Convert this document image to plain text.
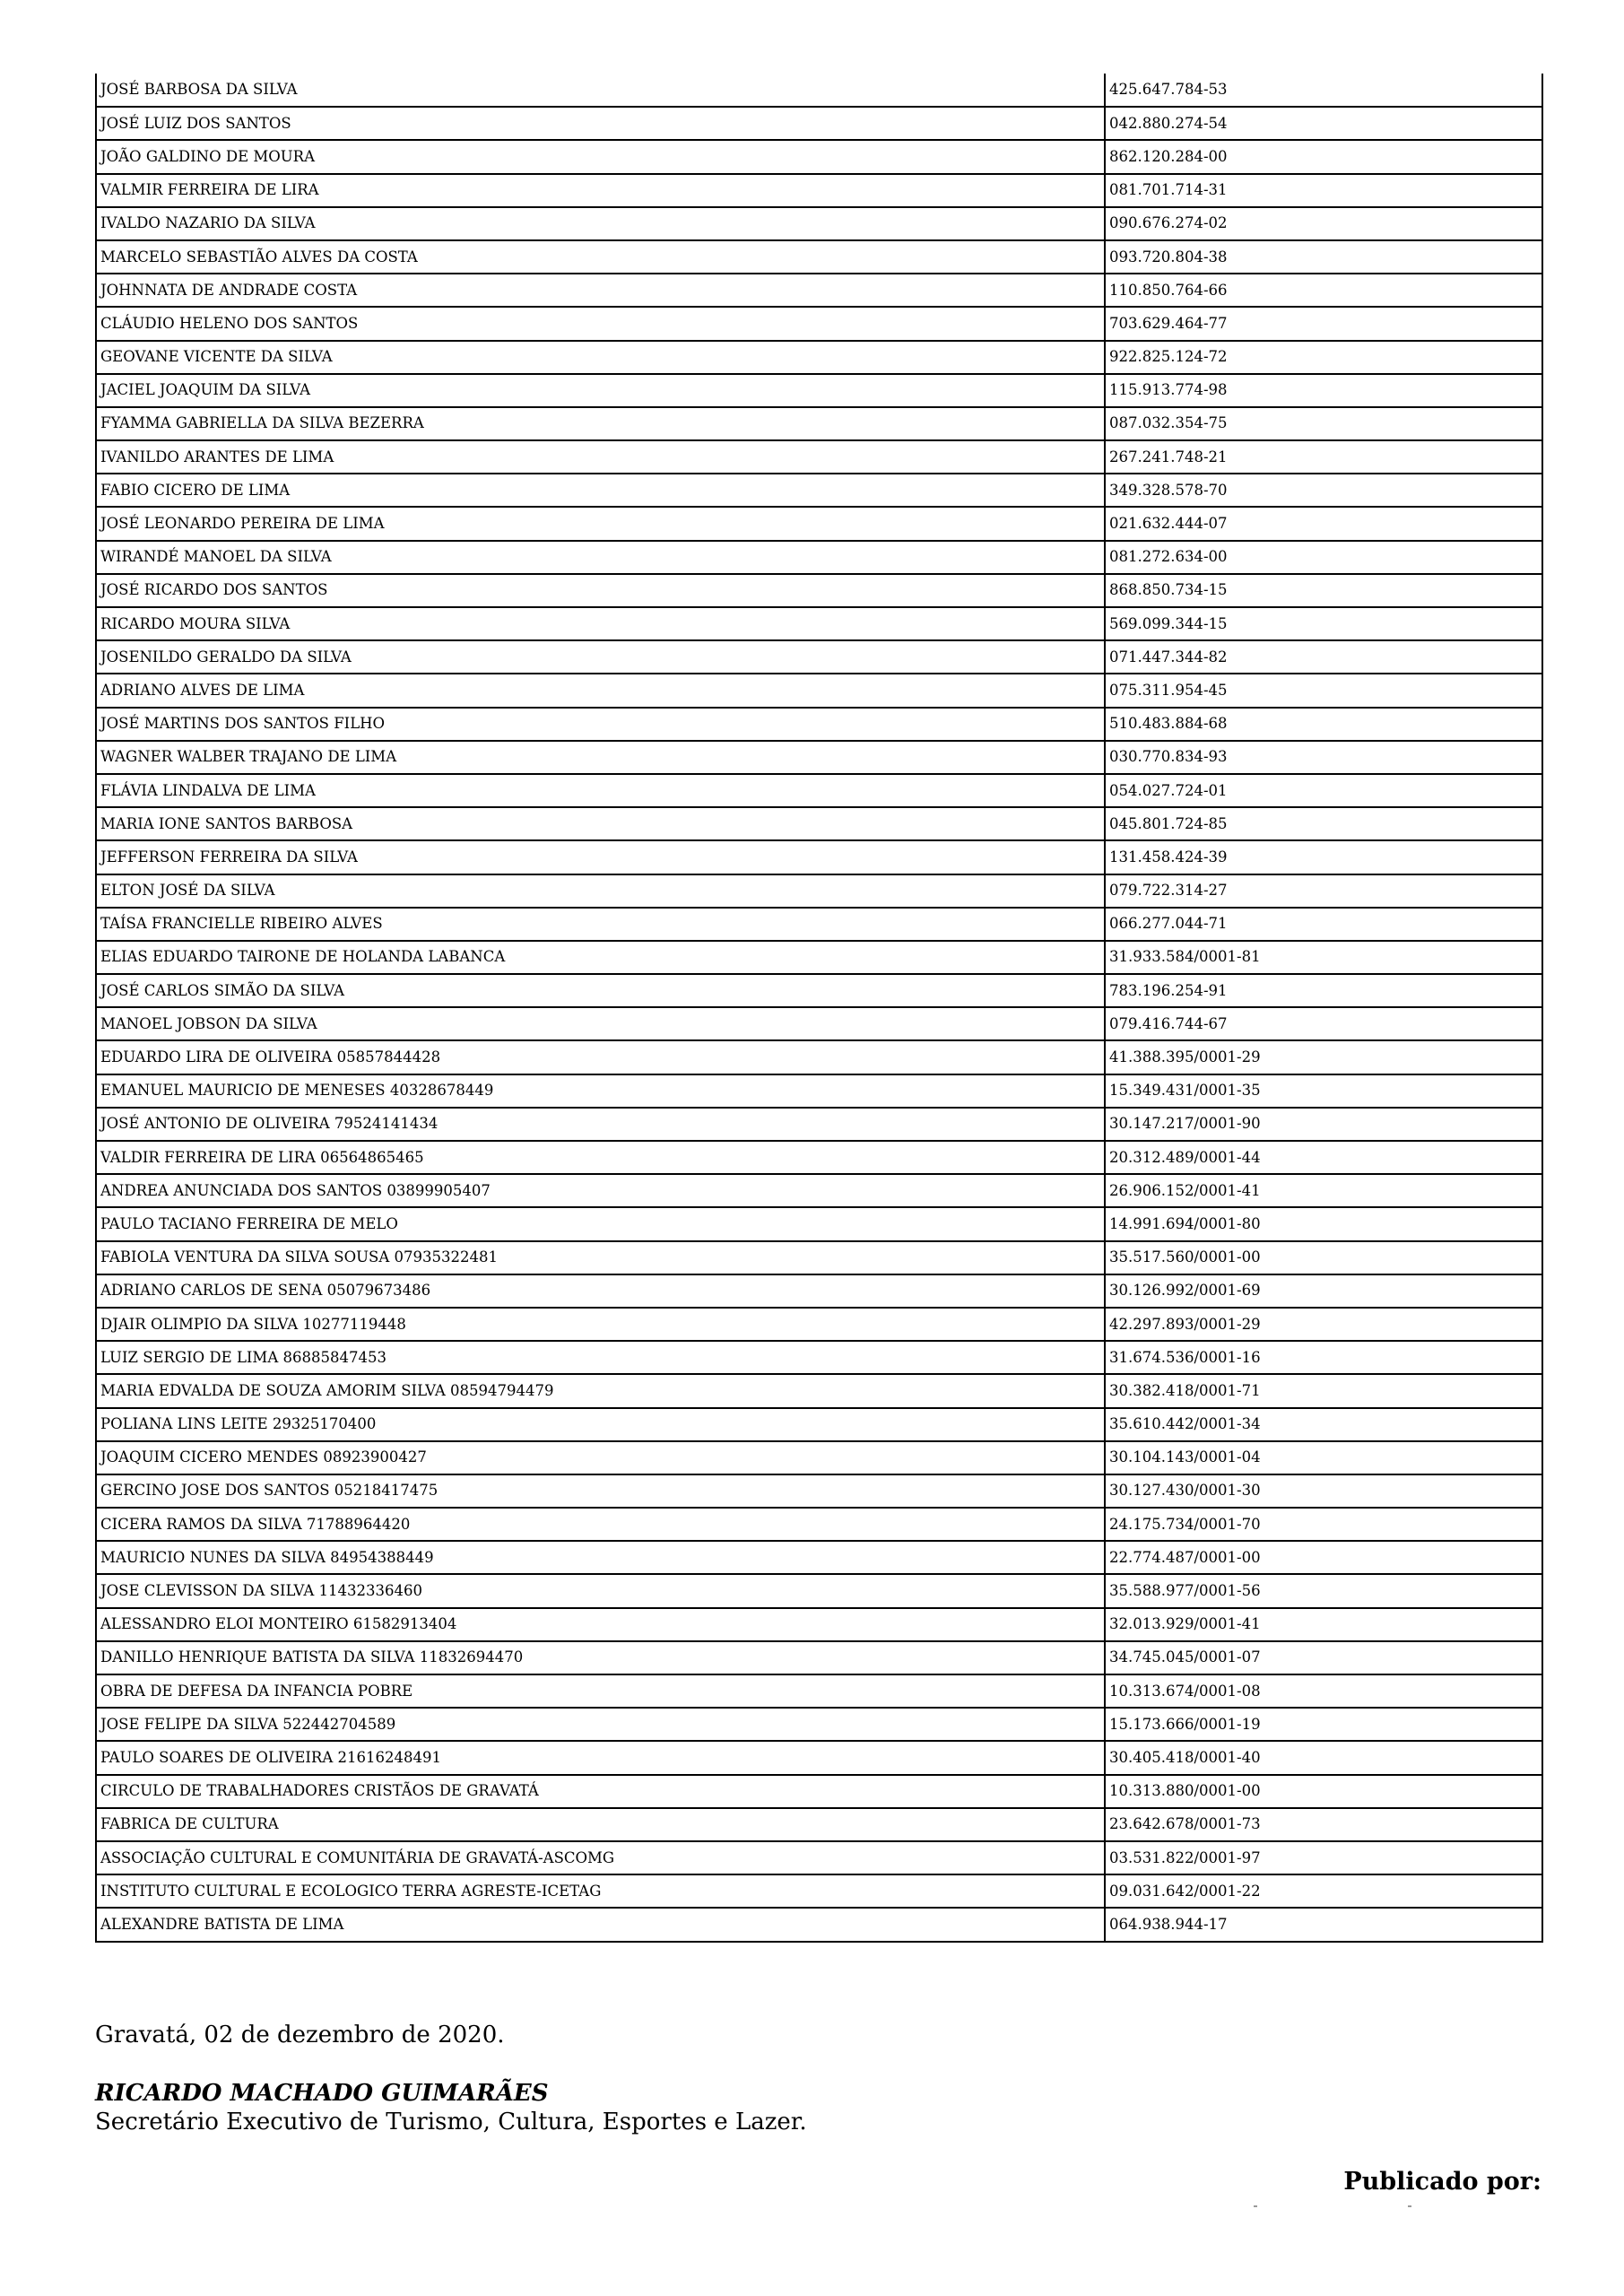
JOSÉ BARBOSA DA SILVA	425.647.784-53
JOSÉ LUIZ DOS SANTOS	042.880.274-54
JOÃO GALDINO DE MOURA	862.120.284-00
VALMIR FERREIRA DE LIRA	081.701.714-31
IVALDO NAZARIO DA SILVA	090.676.274-02
MARCELO SEBASTIÃO ALVES DA COSTA	093.720.804-38
JOHNNATA DE ANDRADE COSTA	110.850.764-66
CLÁUDIO HELENO DOS SANTOS	703.629.464-77
GEOVANE VICENTE DA SILVA	922.825.124-72
JACIEL JOAQUIM DA SILVA	115.913.774-98
FYAMMA GABRIELLA DA SILVA BEZERRA	087.032.354-75
IVANILDO ARANTES DE LIMA	267.241.748-21
FABIO CICERO DE LIMA	349.328.578-70
JOSÉ LEONARDO PEREIRA DE LIMA	021.632.444-07
WIRANDÉ MANOEL DA SILVA	081.272.634-00
JOSÉ RICARDO DOS SANTOS	868.850.734-15
RICARDO MOURA SILVA	569.099.344-15
JOSENILDO GERALDO DA SILVA	071.447.344-82
ADRIANO ALVES DE LIMA	075.311.954-45
JOSÉ MARTINS DOS SANTOS FILHO	510.483.884-68
WAGNER WALBER TRAJANO DE LIMA	030.770.834-93
FLÁVIA LINDALVA DE LIMA	054.027.724-01
MARIA IONE SANTOS BARBOSA	045.801.724-85
JEFFERSON FERREIRA DA SILVA	131.458.424-39
ELTON JOSÉ DA SILVA	079.722.314-27
TAÍSA FRANCIELLE RIBEIRO ALVES	066.277.044-71
ELIAS EDUARDO TAIRONE DE HOLANDA LABANCA	31.933.584/0001-81
JOSÉ CARLOS SIMÃO DA SILVA	783.196.254-91
MANOEL JOBSON DA SILVA	079.416.744-67
EDUARDO LIRA DE OLIVEIRA 05857844428	41.388.395/0001-29
EMANUEL MAURICIO DE MENESES 40328678449	15.349.431/0001-35
JOSÉ ANTONIO DE OLIVEIRA 79524141434	30.147.217/0001-90
VALDIR FERREIRA DE LIRA 06564865465	20.312.489/0001-44
ANDREA ANUNCIADA DOS SANTOS 03899905407	26.906.152/0001-41
PAULO TACIANO FERREIRA DE MELO	14.991.694/0001-80
FABIOLA VENTURA DA SILVA SOUSA 07935322481	35.517.560/0001-00
ADRIANO CARLOS DE SENA 05079673486	30.126.992/0001-69
DJAIR OLIMPIO DA SILVA 10277119448	42.297.893/0001-29
LUIZ SERGIO DE LIMA 86885847453	31.674.536/0001-16
MARIA EDVALDA DE SOUZA AMORIM SILVA 08594794479	30.382.418/0001-71
POLIANA LINS LEITE 29325170400	35.610.442/0001-34
JOAQUIM CICERO MENDES 08923900427	30.104.143/0001-04
GERCINO JOSE DOS SANTOS 05218417475	30.127.430/0001-30
CICERA RAMOS DA SILVA 71788964420	24.175.734/0001-70
MAURICIO NUNES DA SILVA 84954388449	22.774.487/0001-00
JOSE CLEVISSON DA SILVA 11432336460	35.588.977/0001-56
ALESSANDRO ELOI MONTEIRO 61582913404	32.013.929/0001-41
DANILLO HENRIQUE BATISTA DA SILVA 11832694470	34.745.045/0001-07
OBRA DE DEFESA DA INFANCIA POBRE	10.313.674/0001-08
JOSE FELIPE DA SILVA 522442704589	15.173.666/0001-19
PAULO SOARES DE OLIVEIRA 21616248491	30.405.418/0001-40
CIRCULO DE TRABALHADORES CRISTÃOS DE GRAVATÁ	10.313.880/0001-00
FABRICA DE CULTURA	23.642.678/0001-73
ASSOCIAÇÃO CULTURAL E COMUNITÁRIA DE GRAVATÁ-ASCOMG	03.531.822/0001-97
INSTITUTO CULTURAL E ECOLOGICO TERRA AGRESTE-ICETAG	09.031.642/0001-22
ALEXANDRE BATISTA DE LIMA	064.938.944-17
Gravatá, 02 de dezembro de 2020.
RICARDO MACHADO GUIMARÃES
Secretário Executivo de Turismo, Cultura, Esportes e Lazer.
Publicado por:
